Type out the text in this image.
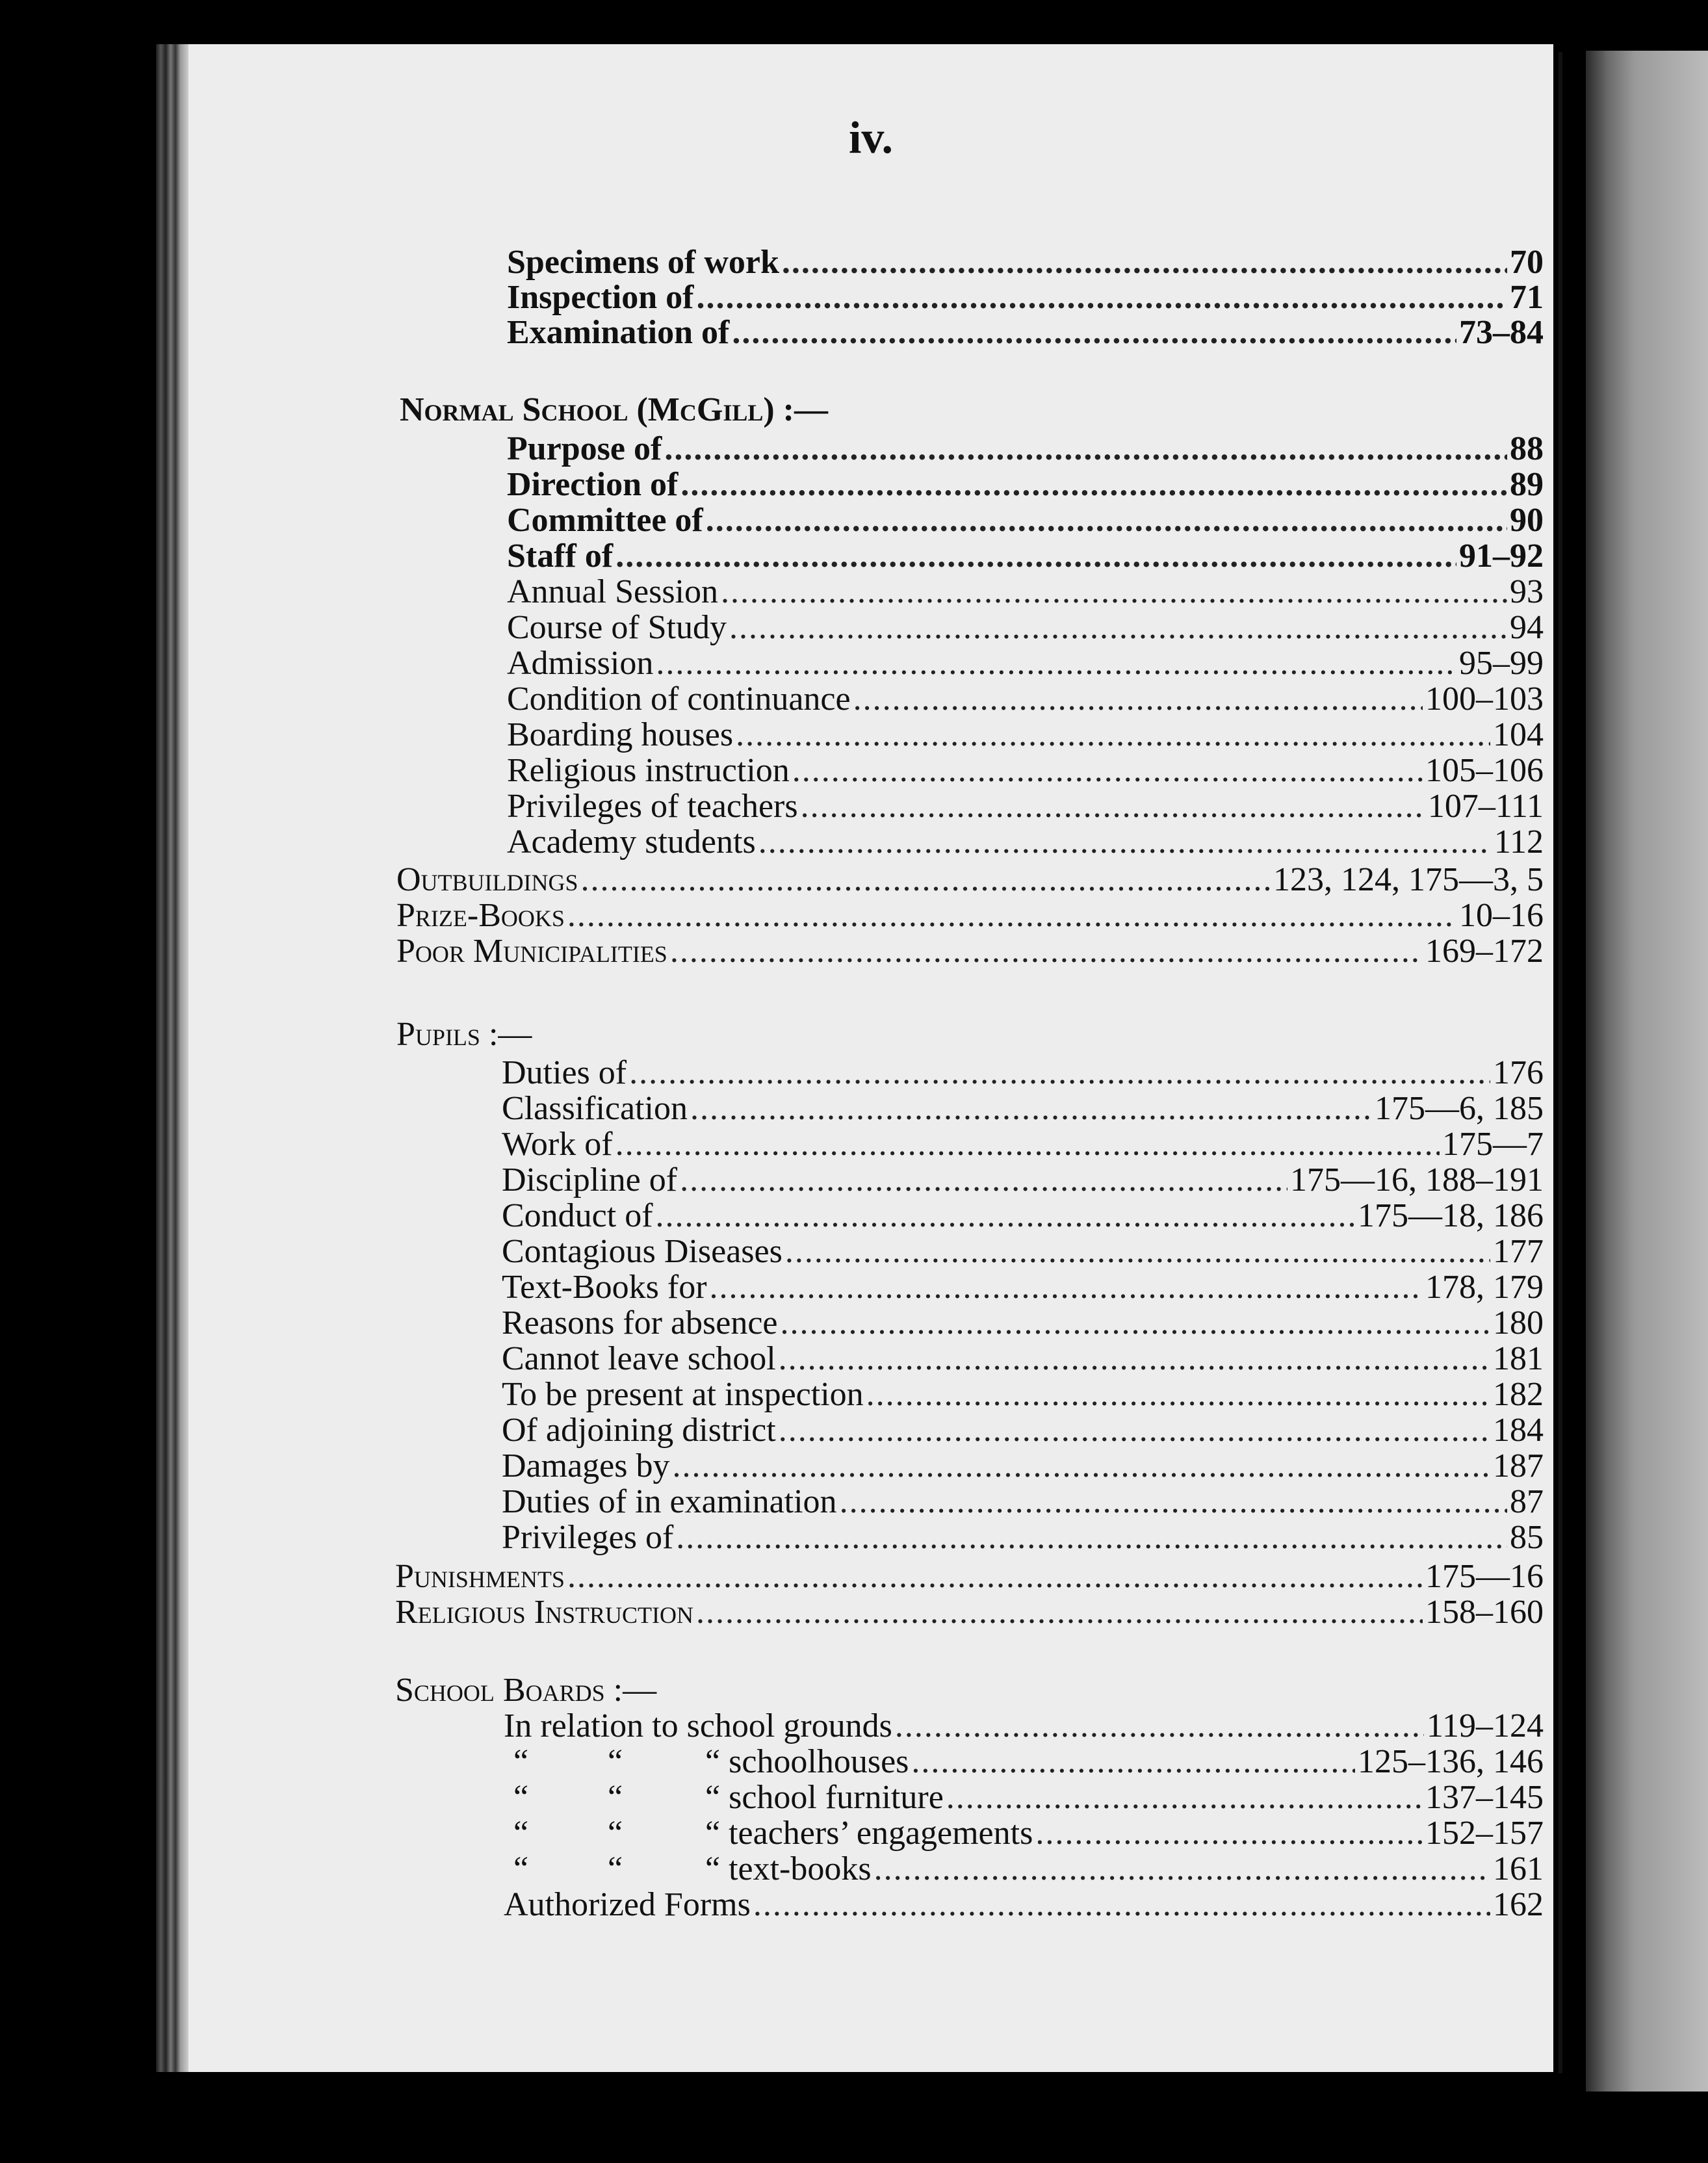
iv.
Specimens of work .....	70
Inspection of .....	71
Examination of .....	73–84
Normal School (McGill) :—
Purpose of .....	88
Direction of .....	89
Committee of .....	90
Staff of .....	91–92
Annual Session .....	93
Course of Study .....	94
Admission .....	95–99
Condition of continuance .....	100–103
Boarding houses .....	104
Religious instruction .....	105–106
Privileges of teachers .....	107–111
Academy students .....	112
Outbuildings .....	123, 124, 175—3, 5
Prize-Books .....	10–16
Poor Municipalities .....	169–172
Pupils :—
Duties of .....	176
Classification .....	175—6, 185
Work of .....	175—7
Discipline of .....	175—16, 188–191
Conduct of .....	175—18, 186
Contagious Diseases .....	177
Text-Books for .....	178, 179
Reasons for absence .....	180
Cannot leave school .....	181
To be present at inspection .....	182
Of adjoining district .....	184
Damages by .....	187
Duties of in examination .....	87
Privileges of .....	85
Punishments .....	175—16
Religious Instruction .....	158–160
School Boards :—
In relation to school grounds .....	119–124
“ “ “ schoolhouses .....	125–136, 146
“ “ “ school furniture .....	137–145
“ “ “ teachers’ engagements .....	152–157
“ “ “ text-books .....	161
Authorized Forms .....	162
